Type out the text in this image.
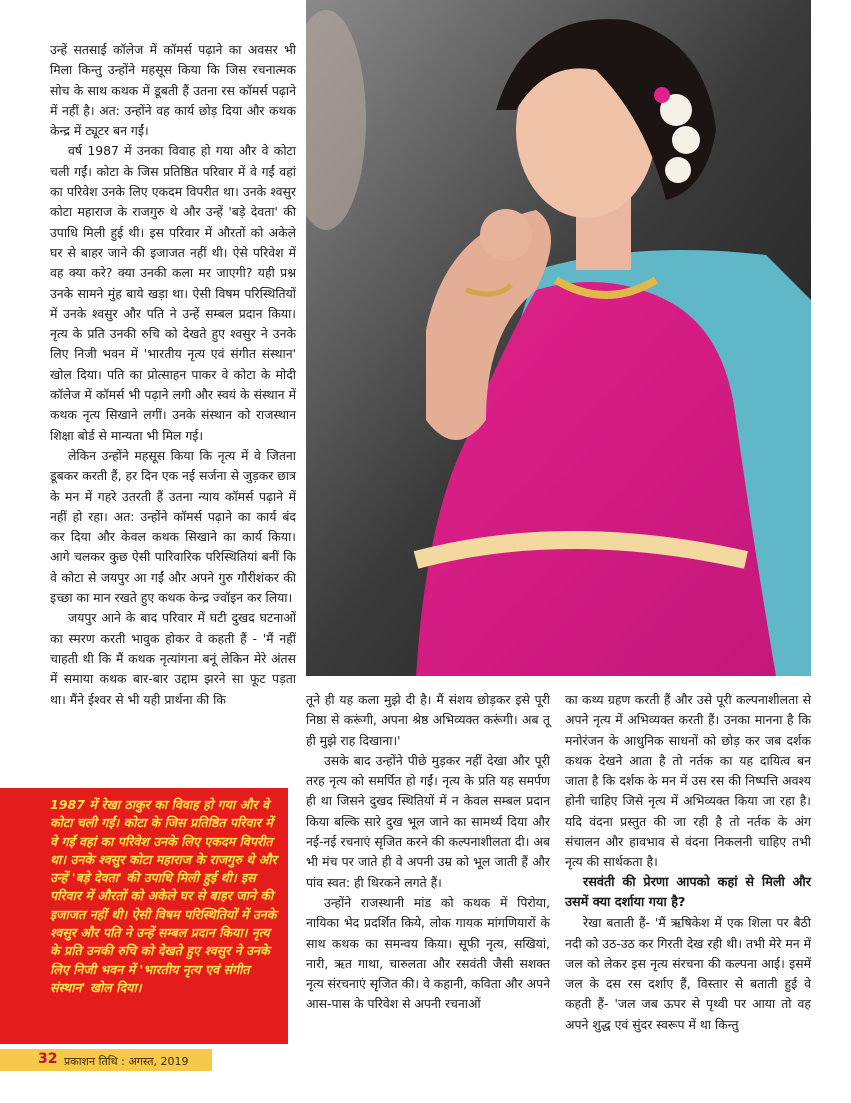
उन्हें सतसाई कॉलेज में कॉमर्स पढ़ाने का अवसर भी मिला किन्तु उन्होंने महसूस किया कि जिस रचनात्मक सोच के साथ कथक में डूबती हैं उतना रस कॉमर्स पढ़ाने में नहीं है। अत: उन्होंने वह कार्य छोड़ दिया और कथक केन्द्र में ट्यूटर बन गईं।

वर्ष 1987 में उनका विवाह हो गया और वे कोटा चली गईं। कोटा के जिस प्रतिष्ठित परिवार में वे गईं वहां का परिवेश उनके लिए एकदम विपरीत था। उनके श्वसुर कोटा महाराज के राजगुरु थे और उन्हें 'बड़े देवता' की उपाधि मिली हुई थी। इस परिवार में औरतों को अकेले घर से बाहर जाने की इजाजत नहीं थी। ऐसे परिवेश में वह क्या करे? क्या उनकी कला मर जाएगी? यही प्रश्न उनके सामने मुंह बाये खड़ा था। ऐसी विषम परिस्थितियों में उनके श्वसुर और पति ने उन्हें सम्बल प्रदान किया। नृत्य के प्रति उनकी रुचि को देखते हुए श्वसुर ने उनके लिए निजी भवन में 'भारतीय नृत्य एवं संगीत संस्थान' खोल दिया। पति का प्रोत्साहन पाकर वे कोटा के मोदी कॉलेज में कॉमर्स भी पढ़ाने लगी और स्वयं के संस्थान में कथक नृत्य सिखाने लगीं। उनके संस्थान को राजस्थान शिक्षा बोर्ड से मान्यता भी मिल गई।

लेकिन उन्होंने महसूस किया कि नृत्य में वे जितना डूबकर करती हैं, हर दिन एक नई सर्जना से जुड़कर छात्र के मन में गहरे उतरती हैं उतना न्याय कॉमर्स पढ़ाने में नहीं हो रहा। अत: उन्होंने कॉमर्स पढ़ाने का कार्य बंद कर दिया और केवल कथक सिखाने का कार्य किया। आगे चलकर कुछ ऐसी पारिवारिक परिस्थितियां बनीं कि वे कोटा से जयपुर आ गईं और अपने गुरु गौरीशंकर की इच्छा का मान रखते हुए कथक केन्द्र ज्वॉइन कर लिया।

जयपुर आने के बाद परिवार में घटी दुखद घटनाओं का स्मरण करती भावुक होकर वे कहती हैं - 'मैं नहीं चाहती थी कि मैं कथक नृत्यांगना बनूं लेकिन मेरे अंतस में समाया कथक बार-बार उद्दाम झरने सा फूट पड़ता था। मैंने ईश्वर से भी यही प्रार्थना की कि	तूने ही यह कला मुझे दी है। मैं संशय छोड़कर इसे पूरी निष्ठा से करूंगी, अपना श्रेष्ठ अभिव्यक्त करूंगी। अब तू ही मुझे राह दिखाना।'

उसके बाद उन्होंने पीछे मुड़कर नहीं देखा और पूरी तरह नृत्य को समर्पित हो गईं। नृत्य के प्रति यह समर्पण ही था जिसने दुखद स्थितियों में न केवल सम्बल प्रदान किया बल्कि सारे दुख भूल जाने का सामर्थ्य दिया और नई-नई रचनाएं सृजित करने की कल्पनाशीलता दी। अब भी मंच पर जाते ही वे अपनी उम्र को भूल जाती हैं और पांव स्वत: ही थिरकने लगते हैं।

उन्होंने राजस्थानी मांड को कथक में पिरोया, नायिका भेद प्रदर्शित किये, लोक गायक मांगणियारों के साथ कथक का समन्वय किया। सूफी नृत्य, सखियां, नारी, ऋत गाथा, चारुलता और रसवंती जैसी सशक्त नृत्य संरचनाएं सृजित की। वे कहानी, कविता और अपने आस-पास के परिवेश से अपनी रचनाओं

का कथ्य ग्रहण करती हैं और उसे पूरी कल्पनाशीलता से अपने नृत्य में अभिव्यक्त करती हैं। उनका मानना है कि मनोरंजन के आधुनिक साधनों को छोड़ कर जब दर्शक कथक देखने आता है तो नर्तक का यह दायित्व बन जाता है कि दर्शक के मन में उस रस की निष्पत्ति अवश्य होनी चाहिए जिसे नृत्य में अभिव्यक्त किया जा रहा है। यदि वंदना प्रस्तुत की जा रही है तो नर्तक के अंग संचालन और हावभाव से वंदना निकलनी चाहिए तभी नृत्य की सार्थकता है।

रसवंती की प्रेरणा आपको कहां से मिली और उसमें क्या दर्शाया गया है?

रेखा बताती हैं- 'मैं ऋषिकेश में एक शिला पर बैठी नदी को उठ-उठ कर गिरती देख रही थी। तभी मेरे मन में जल को लेकर इस नृत्य संरचना की कल्पना आई। इसमें जल के दस रस दर्शाए हैं, विस्तार से बताती हुई वे कहती हैं- 'जल जब ऊपर से पृथ्वी पर आया तो वह अपने शुद्ध एवं सुंदर स्वरूप में था किन्तु

1987 में रेखा ठाकुर का विवाह हो गया और वे कोटा चली गईं। कोटा के जिस प्रतिष्ठित परिवार में वे गईं वहां का परिवेश उनके लिए एकदम विपरीत था। उनके श्वसुर कोटा महाराज के राजगुरु थे और उन्हें 'बड़े देवता' की उपाधि मिली हुई थी। इस परिवार में औरतों को अकेले घर से बाहर जाने की इजाजत नहीं थी। ऐसी विषम परिस्थितियों में उनके श्वसुर और पति ने उन्हें सम्बल प्रदान किया। नृत्य के प्रति उनकी रुचि को देखते हुए श्वसुर ने उनके लिए निजी भवन में 'भारतीय नृत्य एवं संगीत संस्थान' खोल दिया।
32 प्रकाशन तिथि : अगस्त, 2019
